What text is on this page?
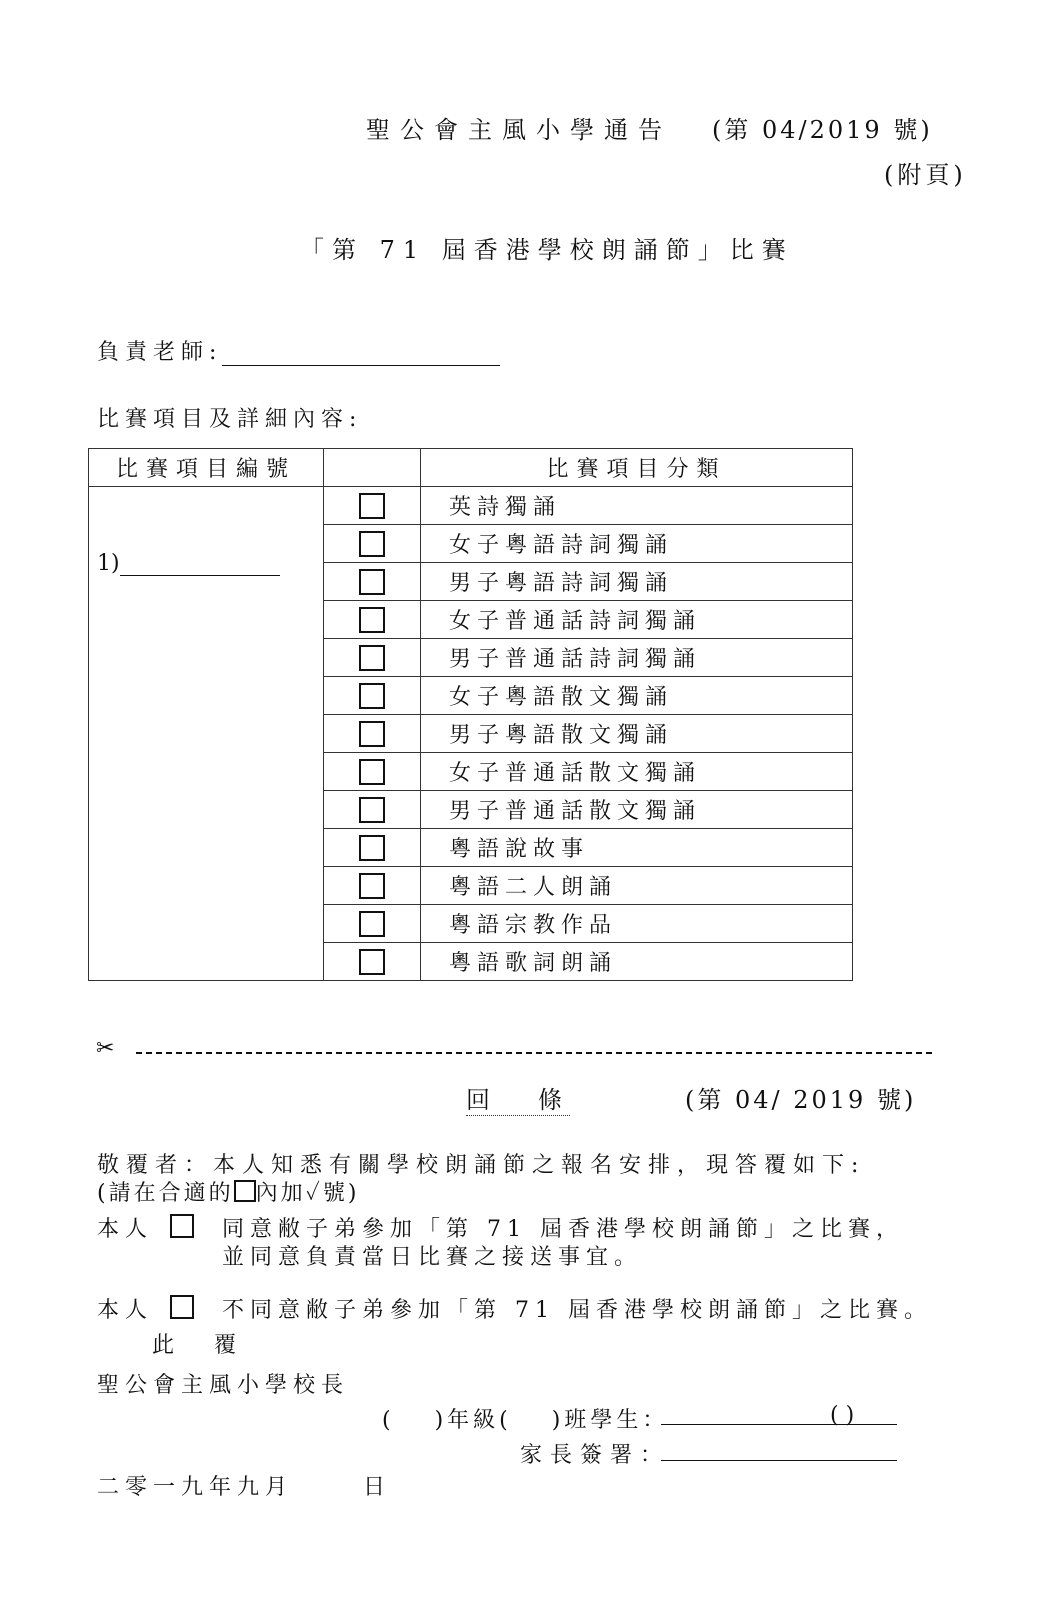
聖公會主風小學通告 (第 04/2019 號)
(附頁)
「第 71 屆香港學校朗誦節」比賽
負責老師:
比賽項目及詳細內容:
比賽項目編號		比賽項目分類

1)		英詩獨誦
		女子粵語詩詞獨誦
		男子粵語詩詞獨誦
		女子普通話詩詞獨誦
		男子普通話詩詞獨誦
		女子粵語散文獨誦
		男子粵語散文獨誦
		女子普通話散文獨誦
		男子普通話散文獨誦
		粵語說故事
		粵語二人朗誦
		粵語宗教作品
		粵語歌詞朗誦
✂
回 條	(第 04/ 2019 號)
敬覆者：本人知悉有關學校朗誦節之報名安排，現答覆如下:
(請在合適的 內加✓號)
本人	同意敝子弟參加「第 71 屆香港學校朗誦節」之比賽，
並同意負責當日比賽之接送事宜。
本人	不同意敝子弟參加「第 71 屆香港學校朗誦節」之比賽。
此覆
聖公會主風小學校長
( )年級( )班學生：	( )
家長簽署：
二零一九年九月	日
